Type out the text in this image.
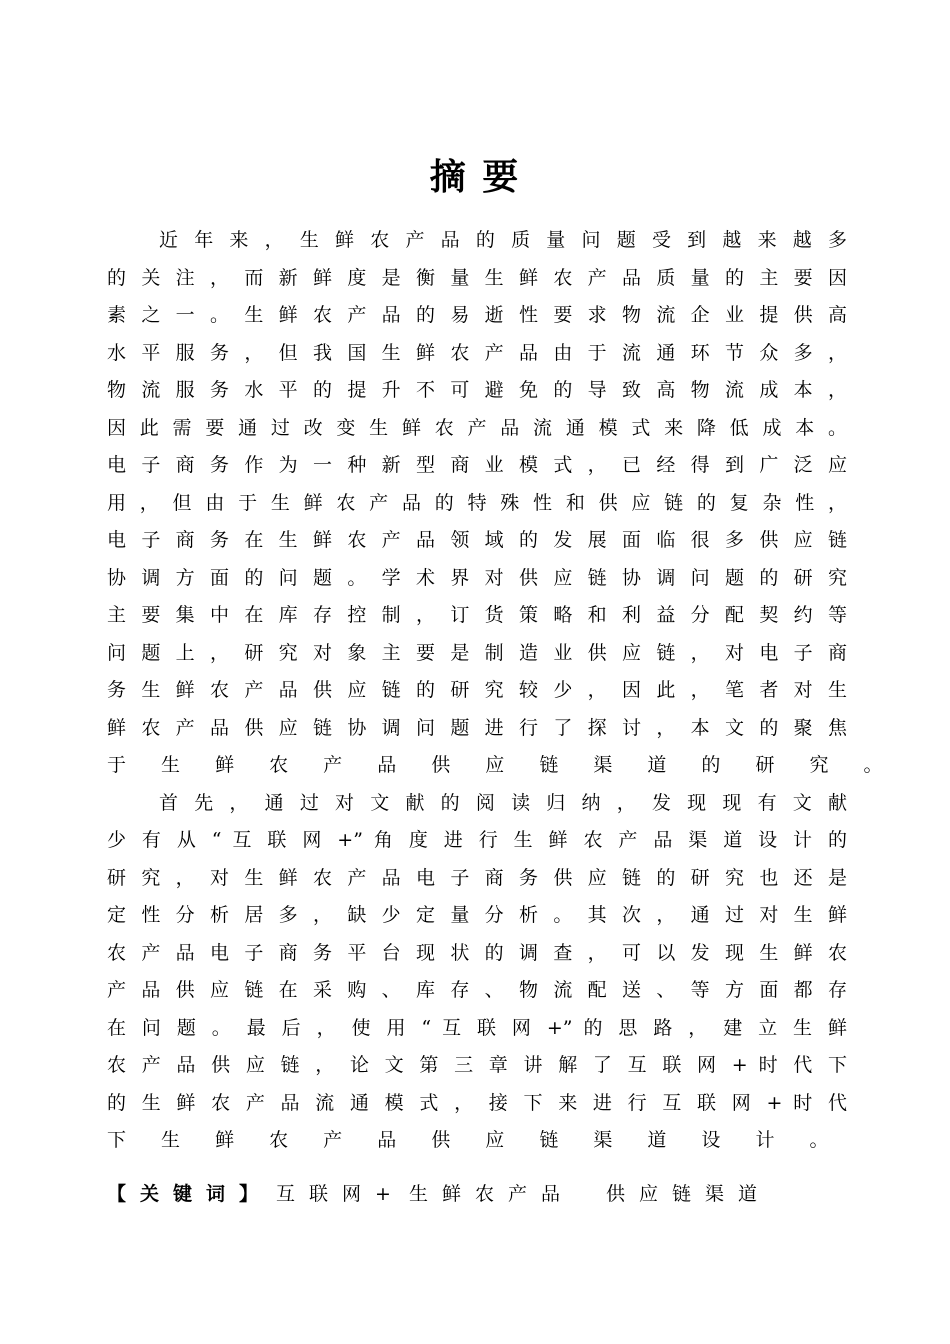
摘 要
近 年 来 ， 生 鲜 农 产 品 的 质 量 问 题 受 到 越 来 越 多
的 关 注 ， 而 新 鲜 度 是 衡 量 生 鲜 农 产 品 质 量 的 主 要 因
素 之 一 。 生 鲜 农 产 品 的 易 逝 性 要 求 物 流 企 业 提 供 高
水 平 服 务 ， 但 我 国 生 鲜 农 产 品 由 于 流 通 环 节 众 多 ，
物 流 服 务 水 平 的 提 升 不 可 避 免 的 导 致 高 物 流 成 本 ，
因 此 需 要 通 过 改 变 生 鲜 农 产 品 流 通 模 式 来 降 低 成 本 。
电 子 商 务 作 为 一 种 新 型 商 业 模 式 ， 已 经 得 到 广 泛 应
用 ， 但 由 于 生 鲜 农 产 品 的 特 殊 性 和 供 应 链 的 复 杂 性 ，
电 子 商 务 在 生 鲜 农 产 品 领 域 的 发 展 面 临 很 多 供 应 链
协 调 方 面 的 问 题 。 学 术 界 对 供 应 链 协 调 问 题 的 研 究
主 要 集 中 在 库 存 控 制 ， 订 货 策 略 和 利 益 分 配 契 约 等
问 题 上 ， 研 究 对 象 主 要 是 制 造 业 供 应 链 ， 对 电 子 商
务 生 鲜 农 产 品 供 应 链 的 研 究 较 少 ， 因 此 ， 笔 者 对 生
鲜 农 产 品 供 应 链 协 调 问 题 进 行 了 探 讨 ， 本 文 的 聚 焦
于 生 鲜 农 产 品 供 应 链 渠 道 的 研 究 。
首 先 ， 通 过 对 文 献 的 阅 读 归 纳 ， 发 现 现 有 文 献
少 有 从 “ 互 联 网 +” 角 度 进 行 生 鲜 农 产 品 渠 道 设 计 的
研 究 ， 对 生 鲜 农 产 品 电 子 商 务 供 应 链 的 研 究 也 还 是
定 性 分 析 居 多 ， 缺 少 定 量 分 析 。 其 次 ， 通 过 对 生 鲜
农 产 品 电 子 商 务 平 台 现 状 的 调 查 ， 可 以 发 现 生 鲜 农
产 品 供 应 链 在 采 购 、 库 存 、 物 流 配 送 、 等 方 面 都 存
在 问 题 。 最 后 ， 使 用 “ 互 联 网 +” 的 思 路 ， 建 立 生 鲜
农 产 品 供 应 链 ， 论 文 第 三 章 讲 解 了 互 联 网 + 时 代 下
的 生 鲜 农 产 品 流 通 模 式 ， 接 下 来 进 行 互 联 网 + 时 代
下 生 鲜 农 产 品 供 应 链 渠 道 设 计 。
【关键词】 互联网+ 生鲜农产品 供应链渠道
